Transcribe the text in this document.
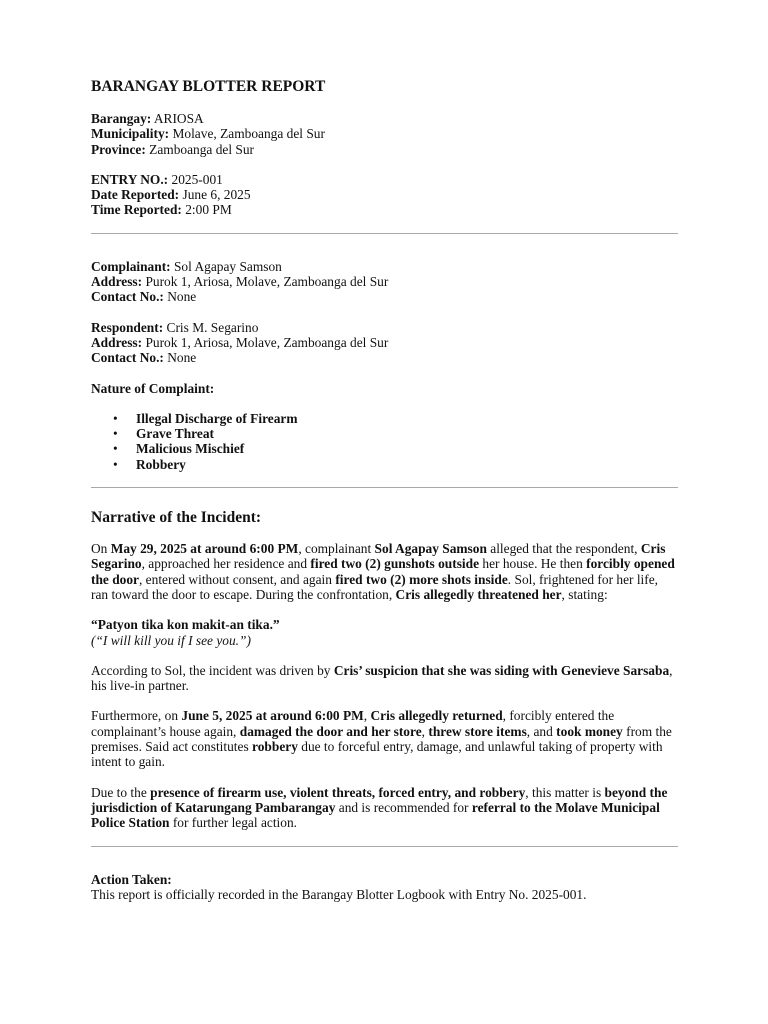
BARANGAY BLOTTER REPORT
Barangay: ARIOSA
Municipality: Molave, Zamboanga del Sur
Province: Zamboanga del Sur
ENTRY NO.: 2025-001
Date Reported: June 6, 2025
Time Reported: 2:00 PM
Complainant: Sol Agapay Samson
Address: Purok 1, Ariosa, Molave, Zamboanga del Sur
Contact No.: None
Respondent: Cris M. Segarino
Address: Purok 1, Ariosa, Molave, Zamboanga del Sur
Contact No.: None
Nature of Complaint:
• Illegal Discharge of Firearm
• Grave Threat
• Malicious Mischief
• Robbery
Narrative of the Incident:

On May 29, 2025 at around 6:00 PM, complainant Sol Agapay Samson alleged that the respondent, Cris Segarino, approached her residence and fired two (2) gunshots outside her house. He then forcibly opened the door, entered without consent, and again fired two (2) more shots inside. Sol, frightened for her life, ran toward the door to escape. During the confrontation, Cris allegedly threatened her, stating:

“Patyon tika kon makit-an tika.”
(“I will kill you if I see you.”)

According to Sol, the incident was driven by Cris’ suspicion that she was siding with Genevieve Sarsaba, his live-in partner.

Furthermore, on June 5, 2025 at around 6:00 PM, Cris allegedly returned, forcibly entered the complainant’s house again, damaged the door and her store, threw store items, and took money from the premises. Said act constitutes robbery due to forceful entry, damage, and unlawful taking of property with intent to gain.

Due to the presence of firearm use, violent threats, forced entry, and robbery, this matter is beyond the jurisdiction of Katarungang Pambarangay and is recommended for referral to the Molave Municipal Police Station for further legal action.

Action Taken:
This report is officially recorded in the Barangay Blotter Logbook with Entry No. 2025-001.
